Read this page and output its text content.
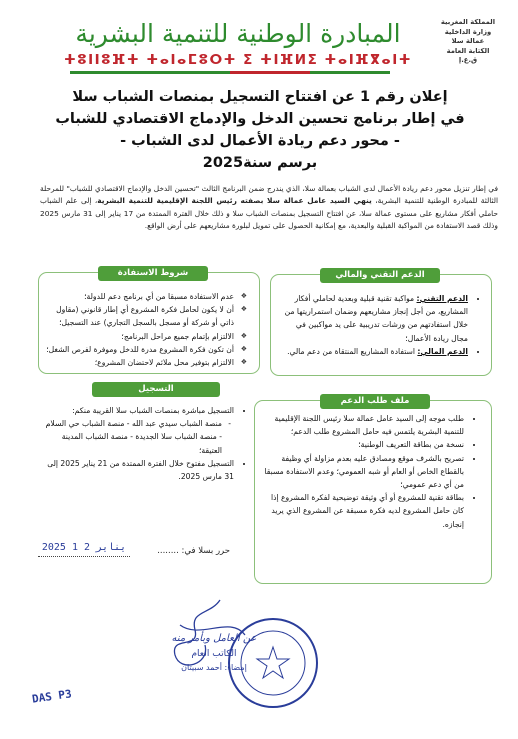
المبادرة الوطنية للتنمية البشرية
ⵜⵓⵏⵏⵓⴼⵜ ⵜⴰⵏⴰⵎⵓⵔⵜ ⵉ ⵜⵏⴼⵍⵉ ⵜⴰⵏⴼⴳⴰⵏⵜ
المملكة المغربية
وزارة الداخلية
عمالة سلا
الكتابة العامة
ق.ع.إ
إعلان رقم 1 عن افتتاح التسجيل بمنصات الشباب سلا
في إطار برنامج تحسين الدخل والإدماج الاقتصادي للشباب
- محور دعم ريادة الأعمال لدى الشباب -
برسم سنة2025
في إطار تنزيل محور دعم ريادة الأعمال لدى الشباب بعمالة سلا، الذي يندرج ضمن البرنامج الثالث "تحسين الدخل والإدماج الاقتصادي للشباب" للمرحلة الثالثة للمبادرة الوطنية للتنمية البشرية، ينهي السيد عامل عمالة سلا بصفته رئيس اللجنة الإقليمية للتنمية البشرية، إلى علم الشباب حاملي أفكار مشاريع على مستوى عمالة سلا، عن افتتاح التسجيل بمنصات الشباب سلا و ذلك خلال الفترة الممتدة من 17 يناير إلى 31 مارس 2025 وذلك قصد الاستفادة من المواكبة القبلية والبعدية، مع إمكانية الحصول على تمويل لبلورة مشاريعهم على أرض الواقع.
شروط الاستفادة
❖ عدم الاستفادة مسبقا من أي برنامج دعم للدولة؛
❖ أن لا يكون لحامل فكرة المشروع أي إطار قانوني (مقاول ذاتي أو شركة أو مسجل بالسجل التجاري) عند التسجيل؛
❖ الالتزام بإتمام جميع مراحل البرنامج؛
❖ أن تكون فكرة المشروع مدرة للدخل وموفرة لفرص الشغل؛
❖ الالتزام بتوفير محل ملائم لاحتضان المشروع؛
الدعم التقني والمالي
• الدعم التقني: مواكبة تقنية قبلية وبعدية لحاملي أفكار المشاريع، من أجل إنجاز مشاريعهم وضمان استمراريتها من خلال استفادتهم من ورشات تدريبية على يد مواكبين في مجال ريادة الأعمال؛
• الدعم المالي: استفادة المشاريع المنتقاة من دعم مالي.
التسجيل
• التسجيل مباشرة بمنصات الشباب سلا القريبة منكم:
- منصة الشباب سيدي عبد الله - منصة الشباب حي السلام - منصة الشباب سلا الجديدة - منصة الشباب المدينة العتيقة؛
• التسجيل مفتوح خلال الفترة الممتدة من 21 يناير 2025 إلى 31 مارس 2025.
حرر بسلا في: ........
2025 يناير 2 1
ملف طلب الدعم
• طلب موجه إلى السيد عامل عمالة سلا رئيس اللجنة الإقليمية للتنمية البشرية يلتمس فيه حامل المشروع طلب الدعم؛
• نسخة من بطاقة التعريف الوطنية؛
• تصريح بالشرف موقع ومصادق عليه بعدم مزاولة أي وظيفة بالقطاع الخاص أو العام أو شبه العمومي؛ وعدم الاستفادة مسبقا من أي دعم عمومي؛
• بطاقة تقنية للمشروع أو أي وثيقة توضيحية لفكرة المشروع إذا كان حامل المشروع لديه فكرة مسبقة عن المشروع الذي يريد إنجازه.
عن العامل وبأمر منه
الكاتب العام
إمضاء: أحمد سبيتان
DAS P3
